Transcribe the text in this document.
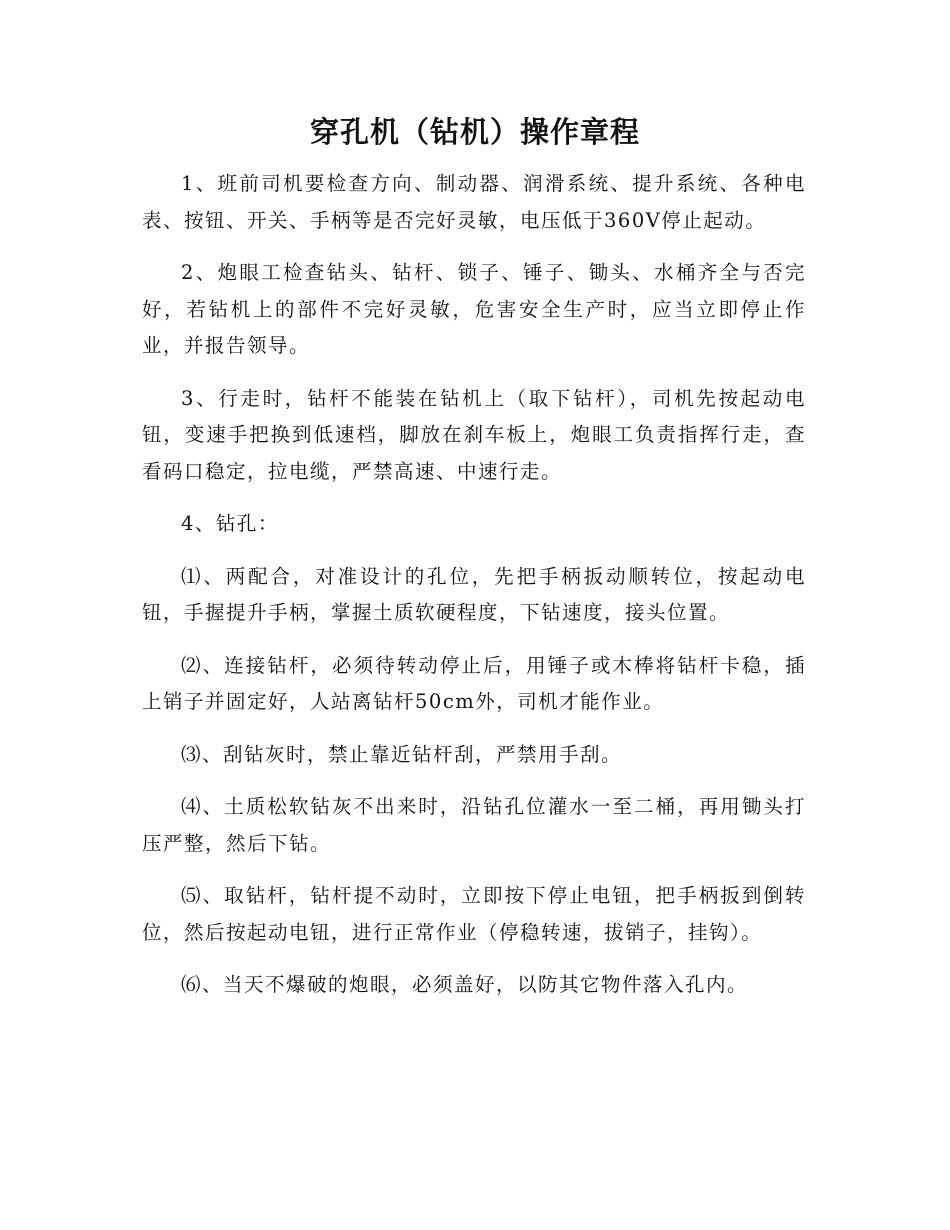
穿孔机（钻机）操作章程

1、班前司机要检查方向、制动器、润滑系统、提升系统、各种电表、按钮、开关、手柄等是否完好灵敏，电压低于360V停止起动。

2、炮眼工检查钻头、钻杆、锁子、锤子、锄头、水桶齐全与否完好，若钻机上的部件不完好灵敏，危害安全生产时，应当立即停止作业，并报告领导。

3、行走时，钻杆不能装在钻机上（取下钻杆），司机先按起动电钮，变速手把换到低速档，脚放在刹车板上，炮眼工负责指挥行走，查看码口稳定，拉电缆，严禁高速、中速行走。

4、钻孔：

⑴、两配合，对准设计的孔位，先把手柄扳动顺转位，按起动电钮，手握提升手柄，掌握土质软硬程度，下钻速度，接头位置。

⑵、连接钻杆，必须待转动停止后，用锤子或木棒将钻杆卡稳，插上销子并固定好，人站离钻杆50cm外，司机才能作业。

⑶、刮钻灰时，禁止靠近钻杆刮，严禁用手刮。

⑷、土质松软钻灰不出来时，沿钻孔位灌水一至二桶，再用锄头打压严整，然后下钻。

⑸、取钻杆，钻杆提不动时，立即按下停止电钮，把手柄扳到倒转位，然后按起动电钮，进行正常作业（停稳转速，拔销子，挂钩）。

⑹、当天不爆破的炮眼，必须盖好，以防其它物件落入孔内。
